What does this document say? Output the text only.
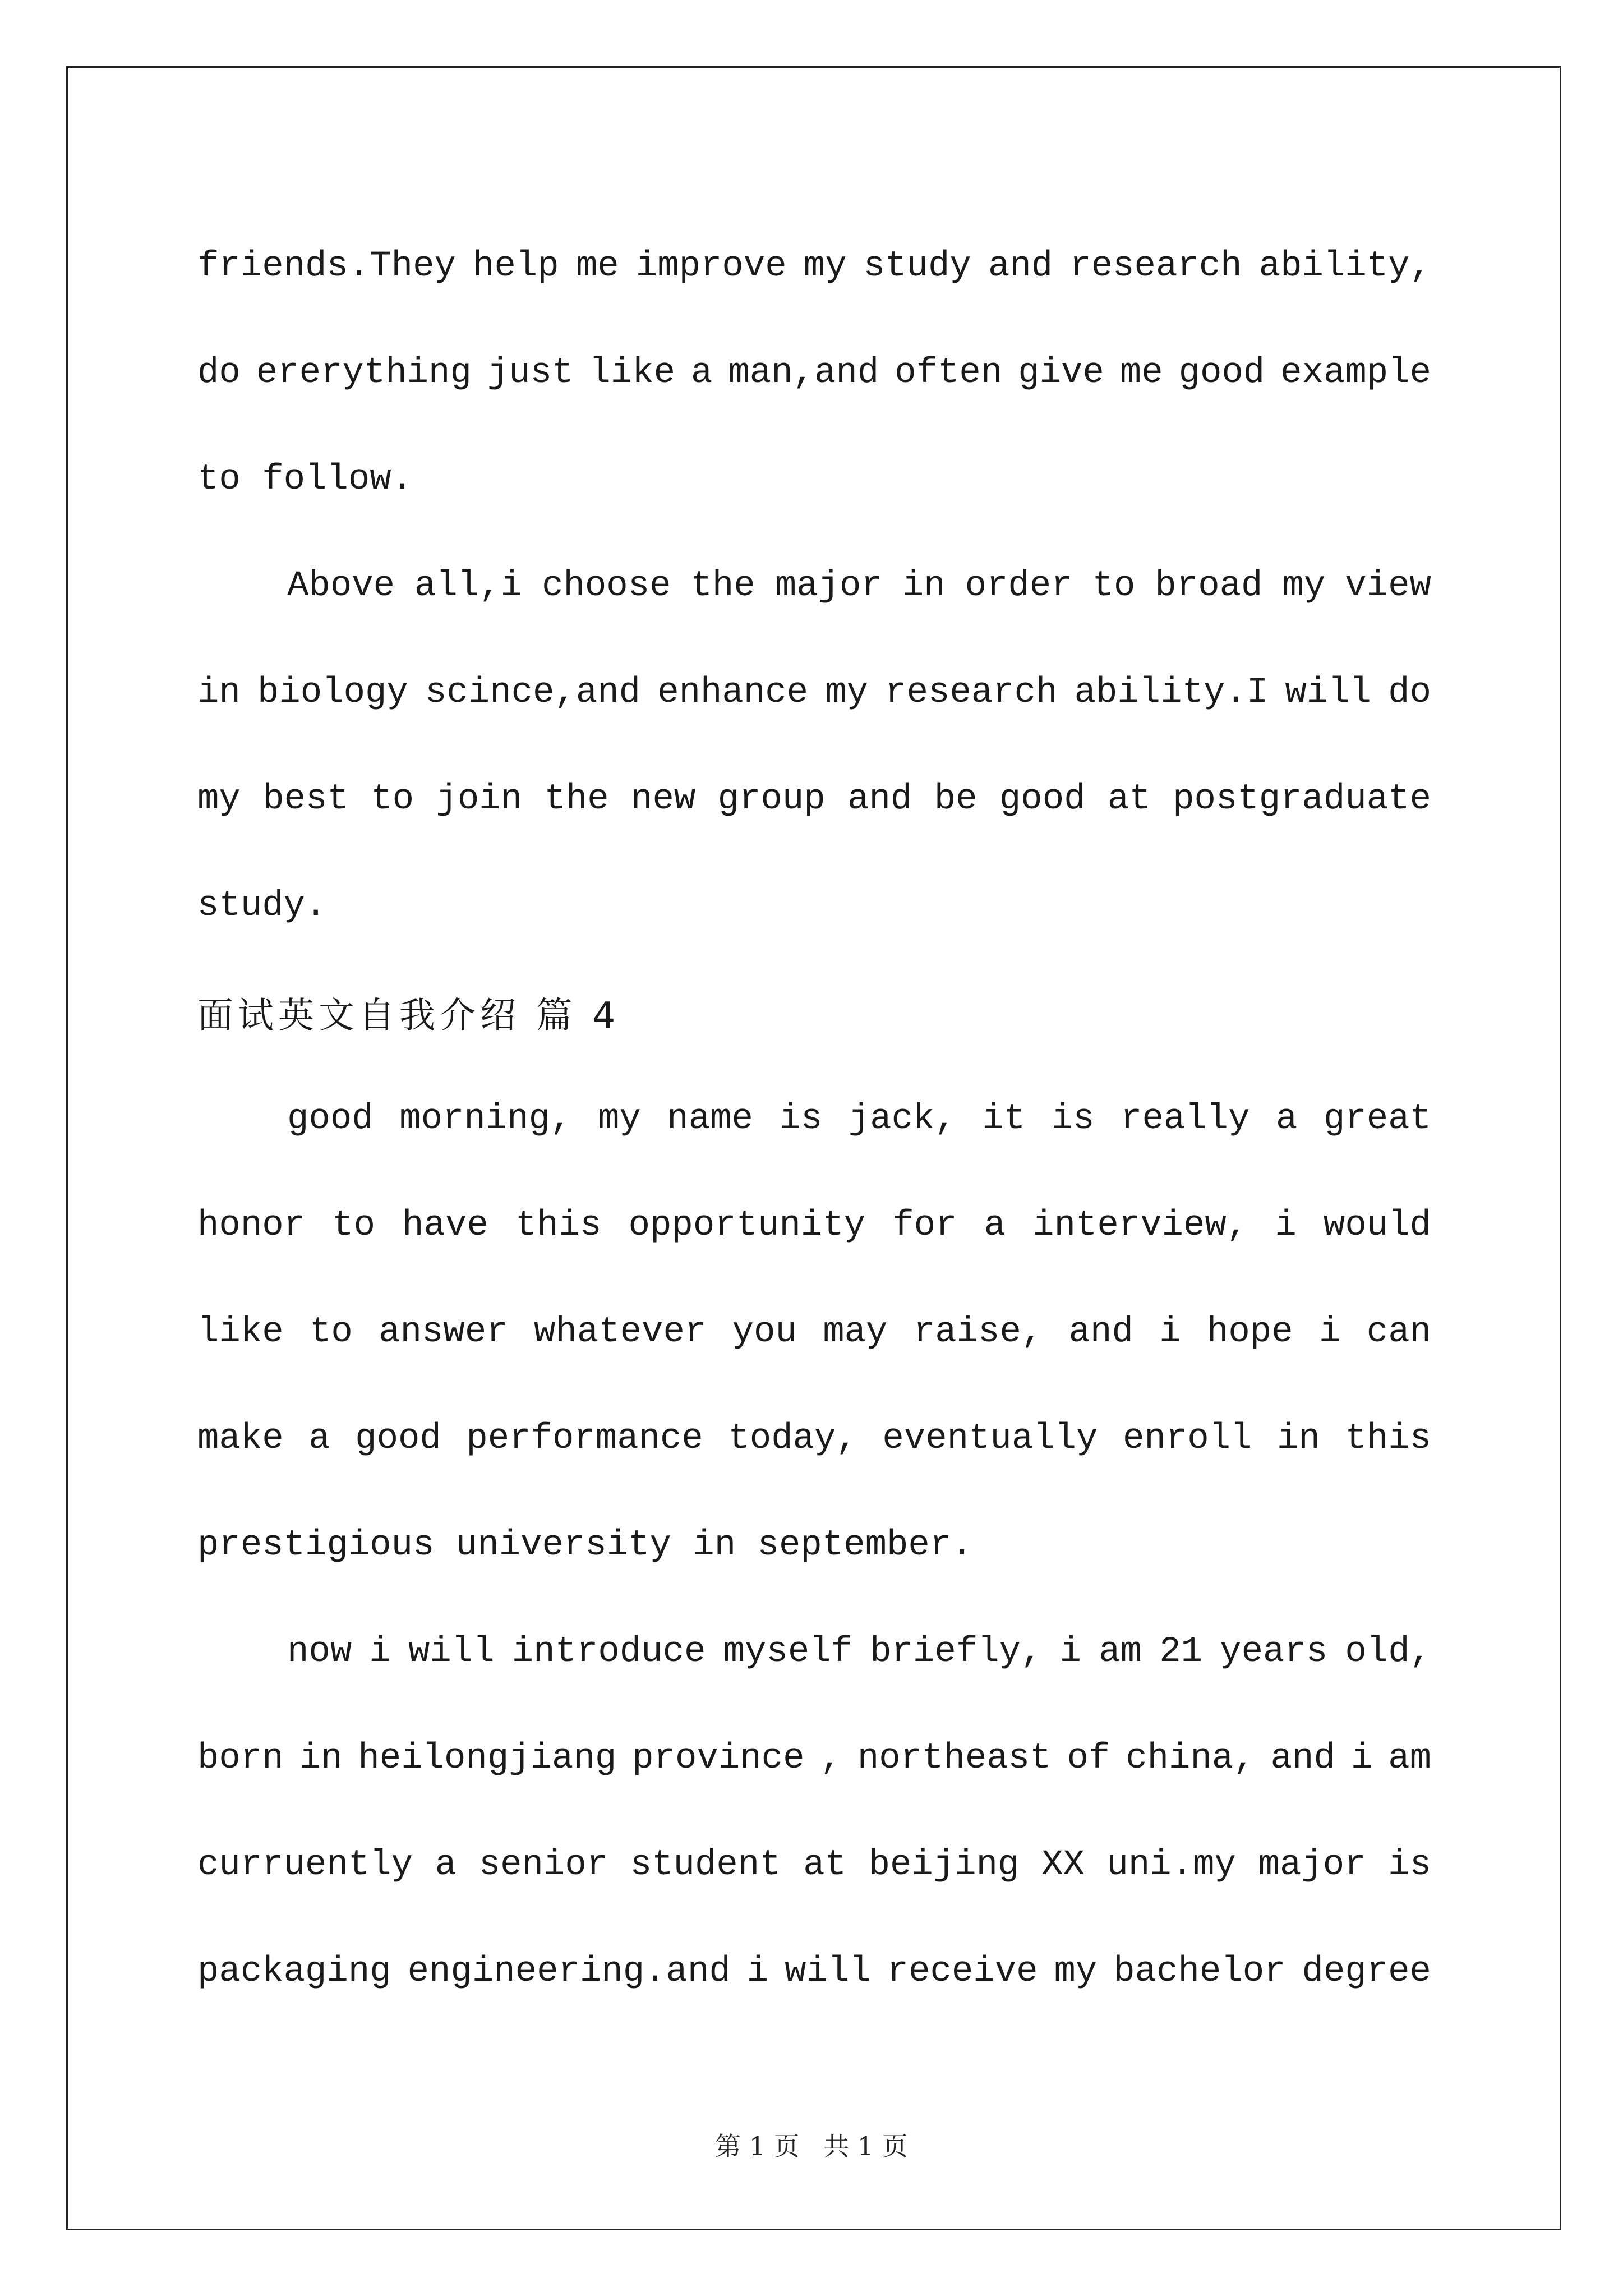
friends.They help me improve my study and research ability,
do ererything just like a man,and often give me good example
to follow.
Above all,i choose the major in order to broad my view
in biology scince,and enhance my research ability.I will do
my best to join the new group and be good at postgraduate
study.
面试英文自我介绍 篇 4
good morning, my name is jack, it is really a great
honor to have this opportunity for a interview, i would
like to answer whatever you may raise, and i hope i can
make a good performance today, eventually enroll in this
prestigious university in september.
now i will introduce myself briefly, i am 21 years old,
born in heilongjiang province , northeast of china, and i am
curruently a senior student at beijing XX uni.my major is
packaging engineering.and i will receive my bachelor degree
第 1 页 共 1 页
